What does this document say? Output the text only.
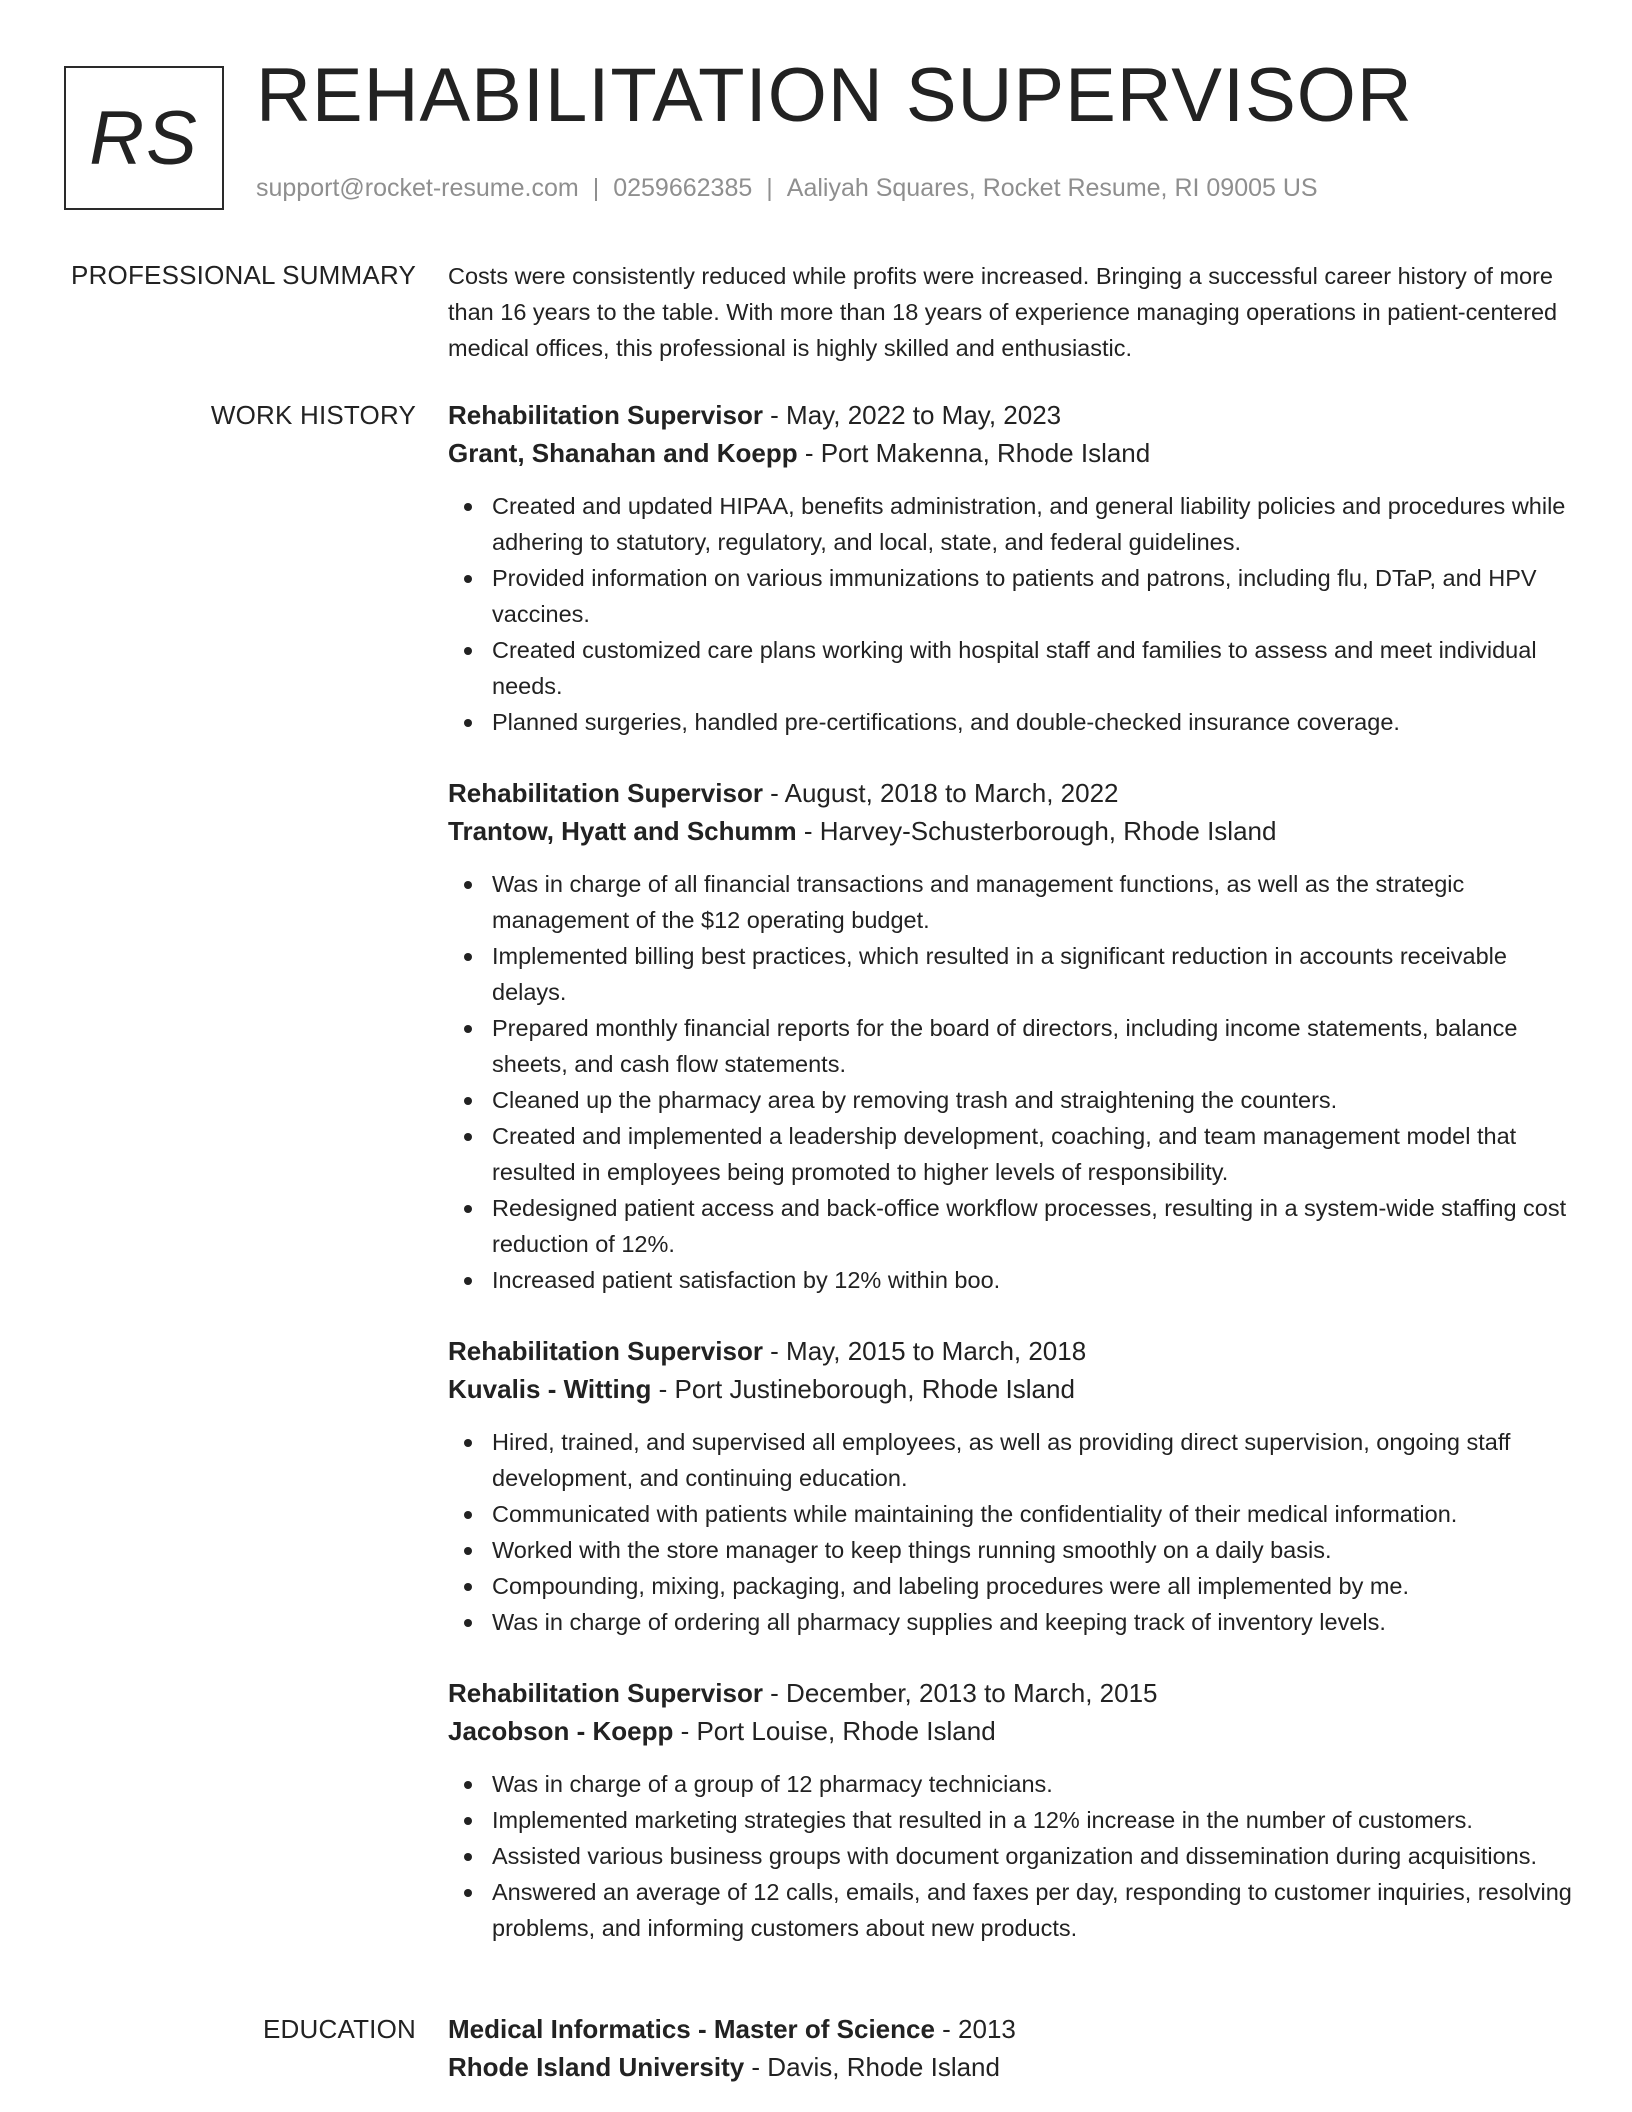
RS REHABILITATION SUPERVISOR
support@rocket-resume.com | 0259662385 | Aaliyah Squares, Rocket Resume, RI 09005 US
PROFESSIONAL SUMMARY Costs were consistently reduced while profits were increased. Bringing a successful career history of more than 16 years to the table. With more than 18 years of experience managing operations in patient-centered medical offices, this professional is highly skilled and enthusiastic.

WORK HISTORY Rehabilitation Supervisor - May, 2022 to May, 2023
Grant, Shanahan and Koepp - Port Makenna, Rhode Island
Created and updated HIPAA, benefits administration, and general liability policies and procedures while adhering to statutory, regulatory, and local, state, and federal guidelines.
Provided information on various immunizations to patients and patrons, including flu, DTaP, and HPV vaccines.
Created customized care plans working with hospital staff and families to assess and meet individual needs.
Planned surgeries, handled pre-certifications, and double-checked insurance coverage.
Rehabilitation Supervisor - August, 2018 to March, 2022
Trantow, Hyatt and Schumm - Harvey-Schusterborough, Rhode Island
Was in charge of all financial transactions and management functions, as well as the strategic management of the $12 operating budget.
Implemented billing best practices, which resulted in a significant reduction in accounts receivable delays.
Prepared monthly financial reports for the board of directors, including income statements, balance sheets, and cash flow statements.
Cleaned up the pharmacy area by removing trash and straightening the counters.
Created and implemented a leadership development, coaching, and team management model that resulted in employees being promoted to higher levels of responsibility.
Redesigned patient access and back-office workflow processes, resulting in a system-wide staffing cost reduction of 12%.
Increased patient satisfaction by 12% within boo.
Rehabilitation Supervisor - May, 2015 to March, 2018
Kuvalis - Witting - Port Justineborough, Rhode Island
Hired, trained, and supervised all employees, as well as providing direct supervision, ongoing staff development, and continuing education.
Communicated with patients while maintaining the confidentiality of their medical information.
Worked with the store manager to keep things running smoothly on a daily basis.
Compounding, mixing, packaging, and labeling procedures were all implemented by me.
Was in charge of ordering all pharmacy supplies and keeping track of inventory levels.
Rehabilitation Supervisor - December, 2013 to March, 2015
Jacobson - Koepp - Port Louise, Rhode Island
Was in charge of a group of 12 pharmacy technicians.
Implemented marketing strategies that resulted in a 12% increase in the number of customers.
Assisted various business groups with document organization and dissemination during acquisitions.
Answered an average of 12 calls, emails, and faxes per day, responding to customer inquiries, resolving problems, and informing customers about new products.
EDUCATION Medical Informatics - Master of Science - 2013
Rhode Island University - Davis, Rhode Island
